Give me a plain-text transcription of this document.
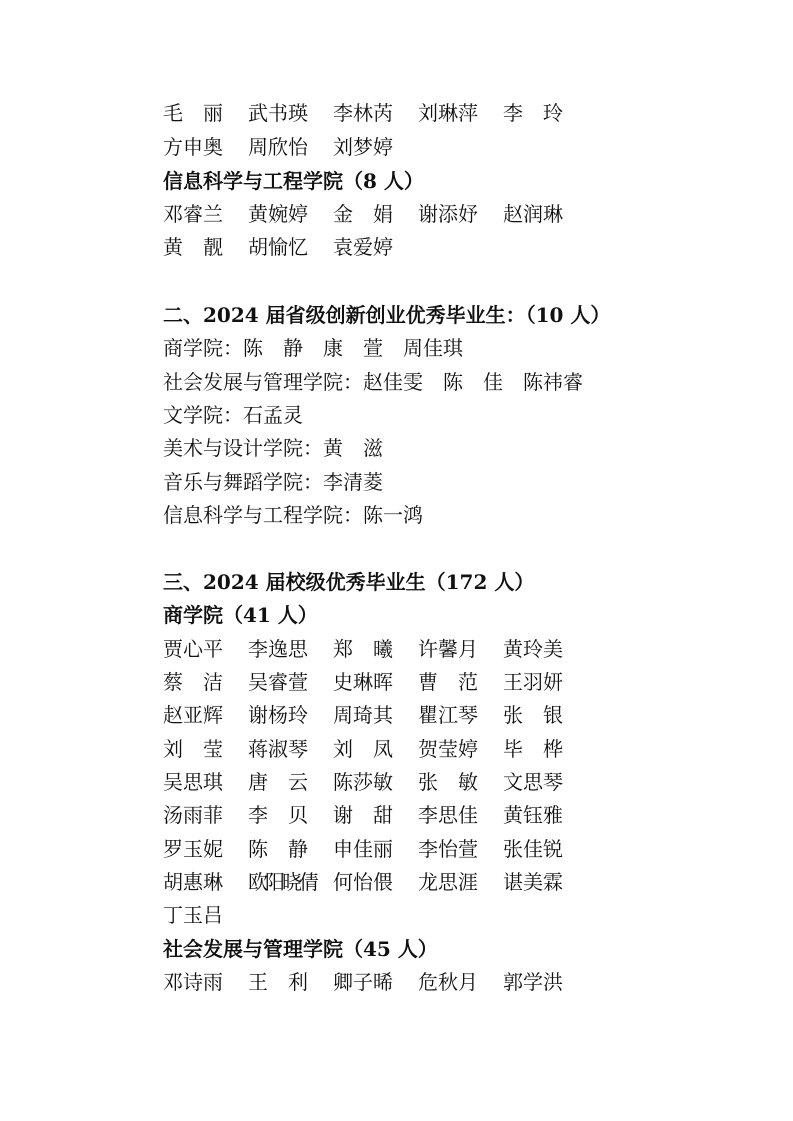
毛　丽 武书瑛 李林芮 刘琳萍 李　玲
方申奥 周欣怡 刘梦婷
信息科学与工程学院（8 人）
邓睿兰 黄婉婷 金　娟 谢添妤 赵润琳
黄　靓 胡愉忆 袁爱婷
二、2024 届省级创新创业优秀毕业生：（10 人）
商学院：陈　静　康　萱　周佳琪
社会发展与管理学院：赵佳雯　陈　佳　陈祎睿
文学院：石孟灵
美术与设计学院：黄　滋
音乐与舞蹈学院：李清菱
信息科学与工程学院：陈一鸿
三、2024 届校级优秀毕业生（172 人）
商学院（41 人）
贾心平 李逸思 郑　曦 许馨月 黄玲美
蔡　洁 吴睿萱 史琳晖 曹　范 王羽妍
赵亚辉 谢杨玲 周琦其 瞿江琴 张　银
刘　莹 蒋淑琴 刘　凤 贺莹婷 毕　桦
吴思琪 唐　云 陈莎敏 张　敏 文思琴
汤雨菲 李　贝 谢　甜 李思佳 黄钰雅
罗玉妮 陈　静 申佳丽 李怡萱 张佳锐
胡惠琳 欧阳晓倩 何怡偎 龙思涯 谌美霖
丁玉吕
社会发展与管理学院（45 人）
邓诗雨 王　利 卿子晞 危秋月 郭学洪
